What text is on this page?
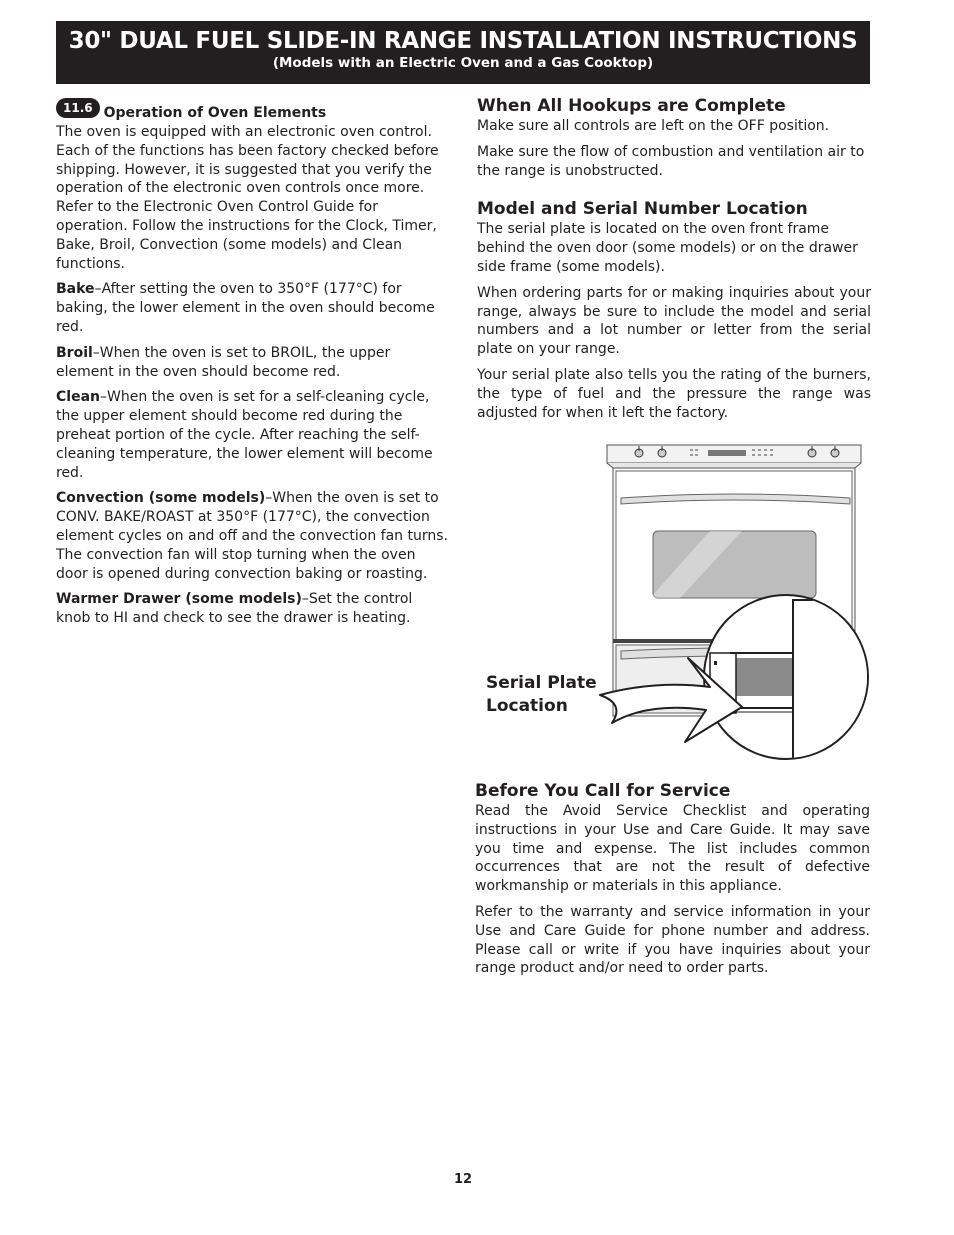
30" DUAL FUEL SLIDE-IN RANGE INSTALLATION INSTRUCTIONS
(Models with an Electric Oven and a Gas Cooktop)
11.6 Operation of Oven Elements

The oven is equipped with an electronic oven control. Each of the functions has been factory checked before shipping. However, it is suggested that you verify the operation of the electronic oven controls once more. Refer to the Electronic Oven Control Guide for operation. Follow the instructions for the Clock, Timer, Bake, Broil, Convection (some models) and Clean functions.

Bake–After setting the oven to 350°F (177°C) for baking, the lower element in the oven should become red.

Broil–When the oven is set to BROIL, the upper element in the oven should become red.

Clean–When the oven is set for a self-cleaning cycle, the upper element should become red during the preheat portion of the cycle. After reaching the self-cleaning temperature, the lower element will become red.

Convection (some models)–When the oven is set to CONV. BAKE/ROAST at 350°F (177°C), the convection element cycles on and off and the convection fan turns. The convection fan will stop turning when the oven door is opened during convection baking or roasting.

Warmer Drawer (some models)–Set the control knob to HI and check to see the drawer is heating.

When All Hookups are Complete

Make sure all controls are left on the OFF position.

Make sure the flow of combustion and ventilation air to the range is unobstructed.

Model and Serial Number Location

The serial plate is located on the oven front frame behind the oven door (some models) or on the drawer side frame (some models).

When ordering parts for or making inquiries about your range, always be sure to include the model and serial numbers and a lot number or letter from the serial plate on your range.

Your serial plate also tells you the rating of the burners, the type of fuel and the pressure the range was adjusted for when it left the factory.

Serial Plate
Location
Before You Call for Service

Read the Avoid Service Checklist and operating instructions in your Use and Care Guide. It may save you time and expense. The list includes common occurrences that are not the result of defective workmanship or materials in this appliance.

Refer to the warranty and service information in your Use and Care Guide for phone number and address. Please call or write if you have inquiries about your range product and/or need to order parts.

12
